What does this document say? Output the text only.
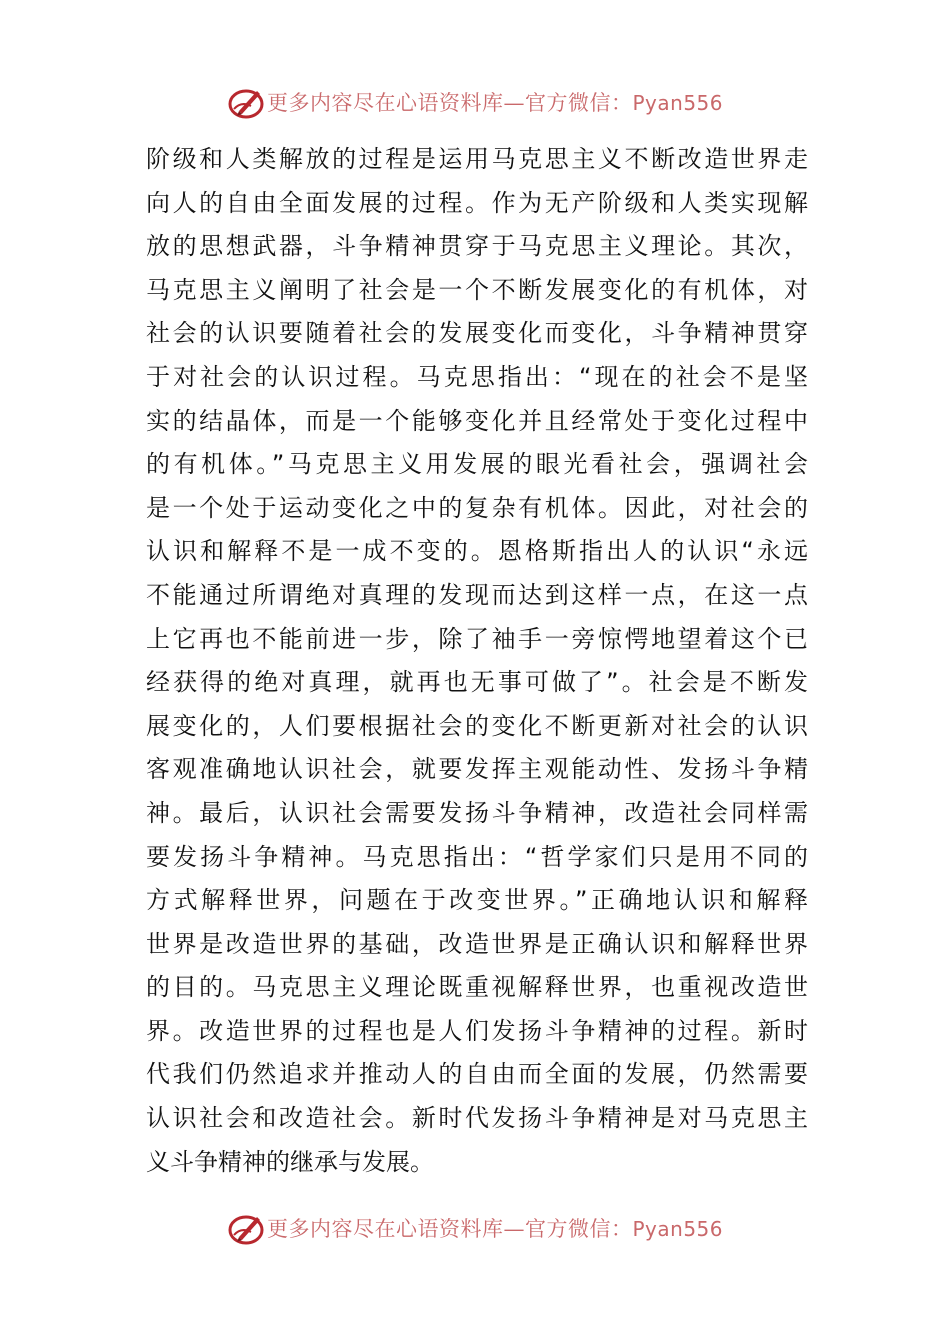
更多内容尽在心语资料库—官方微信：Pyan556
阶级和人类解放的过程是运用马克思主义不断改造世界走
向人的自由全面发展的过程。作为无产阶级和人类实现解
放的思想武器，斗争精神贯穿于马克思主义理论。其次，
马克思主义阐明了社会是一个不断发展变化的有机体，对
社会的认识要随着社会的发展变化而变化，斗争精神贯穿
于对社会的认识过程。马克思指出：“现在的社会不是坚
实的结晶体，而是一个能够变化并且经常处于变化过程中
的有机体。”马克思主义用发展的眼光看社会，强调社会
是一个处于运动变化之中的复杂有机体。因此，对社会的
认识和解释不是一成不变的。恩格斯指出人的认识“永远
不能通过所谓绝对真理的发现而达到这样一点，在这一点
上它再也不能前进一步，除了袖手一旁惊愕地望着这个已
经获得的绝对真理，就再也无事可做了”。社会是不断发
展变化的，人们要根据社会的变化不断更新对社会的认识
客观准确地认识社会，就要发挥主观能动性、发扬斗争精
神。最后，认识社会需要发扬斗争精神，改造社会同样需
要发扬斗争精神。马克思指出：“哲学家们只是用不同的
方式解释世界，问题在于改变世界。”正确地认识和解释
世界是改造世界的基础，改造世界是正确认识和解释世界
的目的。马克思主义理论既重视解释世界，也重视改造世
界。改造世界的过程也是人们发扬斗争精神的过程。新时
代我们仍然追求并推动人的自由而全面的发展，仍然需要
认识社会和改造社会。新时代发扬斗争精神是对马克思主
义斗争精神的继承与发展。
更多内容尽在心语资料库—官方微信：Pyan556
